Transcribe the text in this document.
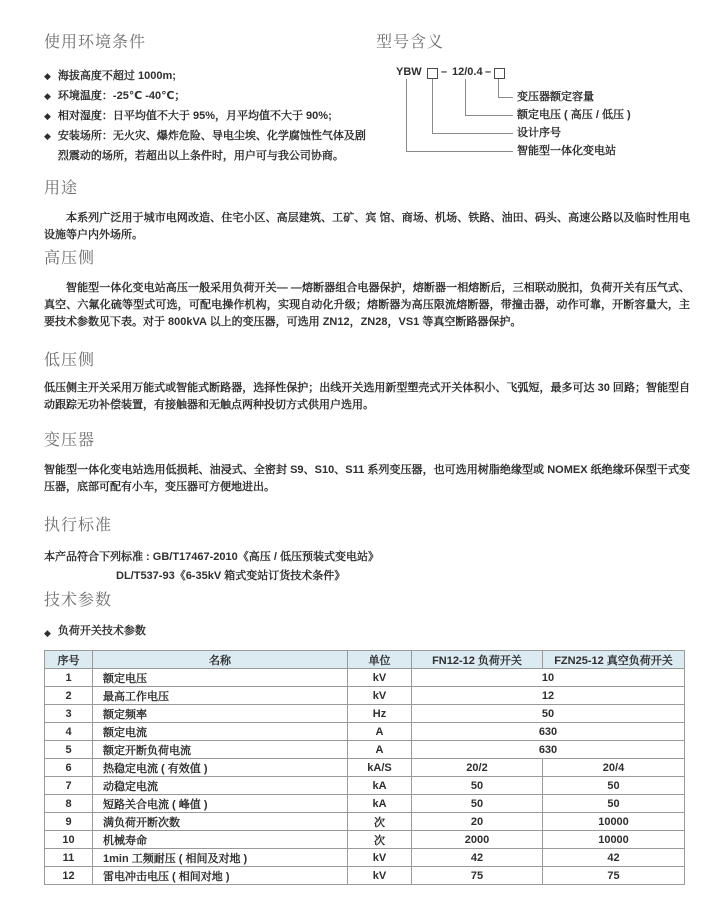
使用环境条件
◆ 海拔高度不超过 1000m;
◆ 环境温度：-25℃ -40℃；
◆ 相对湿度：日平均值不大于 95%，月平均值不大于 90%;
◆ 安装场所：无火灾、爆炸危险、导电尘埃、化学腐蚀性气体及剧烈震动的场所，若超出以上条件时，用户可与我公司协商。
型号含义
YBW – 12/0.4 –
变压器额定容量
额定电压 ( 高压 / 低压 )
设计序号
智能型一体化变电站
用途

本系列广泛用于城市电网改造、住宅小区、高层建筑、工矿、宾 馆、商场、机场、铁路、油田、码头、高速公路以及临时性用电设施等户内外场所。

高压侧

智能型一体化变电站高压一般采用负荷开关— —熔断器组合电器保护，熔断器一相熔断后，三相联动脱扣，负荷开关有压气式、真空、六氟化硫等型式可选，可配电操作机构，实现自动化升级；熔断器为高压限流熔断器，带撞击器，动作可靠，开断容量大，主要技术参数见下表。对于 800kVA 以上的变压器，可选用 ZN12，ZN28，VS1 等真空断路器保护。

低压侧

低压侧主开关采用万能式或智能式断路器，选择性保护；出线开关选用新型塑壳式开关体积小、飞弧短，最多可达 30 回路；智能型自动跟踪无功补偿装置，有接触器和无触点两种投切方式供用户选用。

变压器

智能型一体化变电站选用低损耗、油浸式、全密封 S9、S10、S11 系列变压器，也可选用树脂绝缘型或 NOMEX 纸绝缘环保型干式变压器，底部可配有小车，变压器可方便地进出。

执行标准

本产品符合下列标准 : GB/T17467-2010《高压 / 低压预装式变电站》

DL/T537-93《6-35kV 箱式变站订货技术条件》

技术参数
◆ 负荷开关技术参数
序号	名称	单位	FN12-12 负荷开关	FZN25-12 真空负荷开关
1	额定电压	kV	10	
2	最高工作电压	kV	12	
3	额定频率	Hz	50	
4	额定电流	A	630	
5	额定开断负荷电流	A	630	
6	热稳定电流 ( 有效值 )	kA/S	20/2	20/4
7	动稳定电流	kA	50	50
8	短路关合电流 ( 峰值 )	kA	50	50
9	满负荷开断次数	次	20	10000
10	机械寿命	次	2000	10000
11	1min 工频耐压 ( 相间及对地 )	kV	42	42
12	雷电冲击电压 ( 相间对地 )	kV	75	75
